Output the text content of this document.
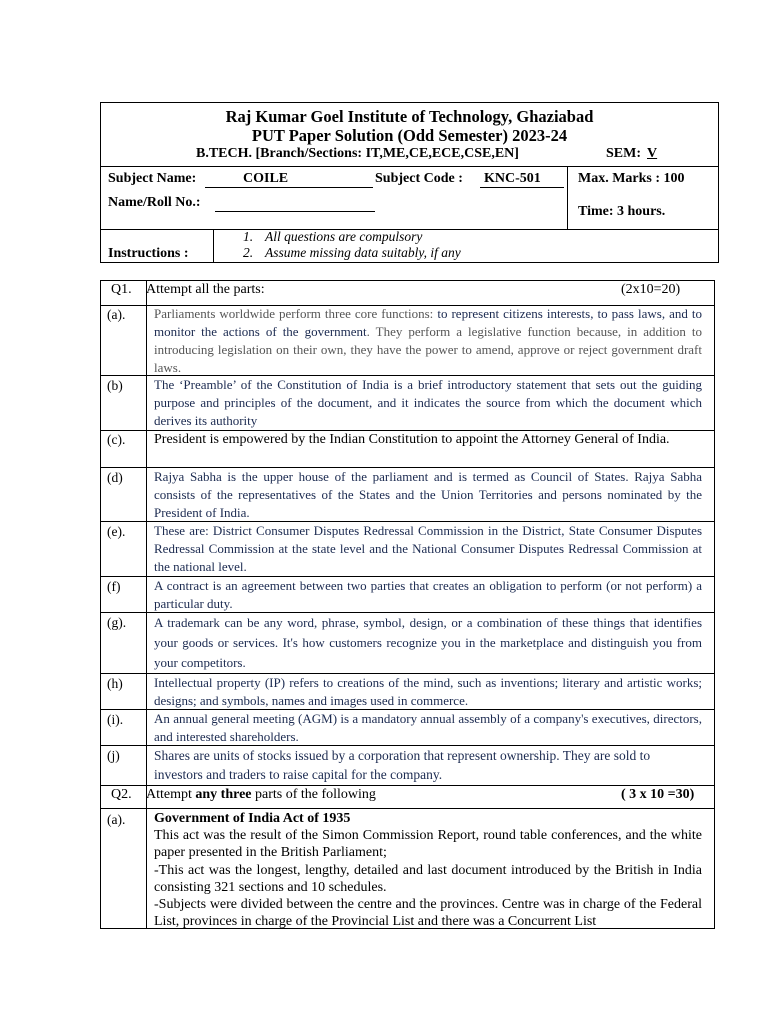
Raj Kumar Goel Institute of Technology, Ghaziabad
PUT Paper Solution (Odd Semester) 2023-24
B.TECH. [Branch/Sections: IT,ME,CE,ECE,CSE,EN]	SEM: V
Subject Name:	COILE	Subject Code : KNC-501	Max. Marks : 100
Name/Roll No.:
Time: 3 hours.
Instructions :
1. All questions are compulsory
2. Assume missing data suitably, if any
Q1. Attempt all the parts:	(2x10=20)
(a). Parliaments worldwide perform three core functions: to represent citizens interests, to pass laws, and to monitor the actions of the government. They perform a legislative function because, in addition to introducing legislation on their own, they have the power to amend, approve or reject government draft laws.
(b) The ‘Preamble’ of the Constitution of India is a brief introductory statement that sets out the guiding purpose and principles of the document, and it indicates the source from which the document which derives its authority
(c). President is empowered by the Indian Constitution to appoint the Attorney General of India.
(d) Rajya Sabha is the upper house of the parliament and is termed as Council of States. Rajya Sabha consists of the representatives of the States and the Union Territories and persons nominated by the President of India.
(e). These are: District Consumer Disputes Redressal Commission in the District, State Consumer Disputes Redressal Commission at the state level and the National Consumer Disputes Redressal Commission at the national level.
(f)	A contract is an agreement between two parties that creates an obligation to perform (or not perform) a particular duty.
(g). A trademark can be any word, phrase, symbol, design, or a combination of these things that identifies your goods or services. It's how customers recognize you in the marketplace and distinguish you from your competitors.
(h) Intellectual property (IP) refers to creations of the mind, such as inventions; literary and artistic works; designs; and symbols, names and images used in commerce.
(i). An annual general meeting (AGM) is a mandatory annual assembly of a company's executives, directors, and interested shareholders.
(j)	Shares are units of stocks issued by a corporation that represent ownership. They are sold to investors and traders to raise capital for the company.
Q2. Attempt any three parts of the following	( 3 x 10 =30)
(a). Government of India Act of 1935
This act was the result of the Simon Commission Report, round table conferences, and the white paper presented in the British Parliament;
-This act was the longest, lengthy, detailed and last document introduced by the British in India consisting 321 sections and 10 schedules.
-Subjects were divided between the centre and the provinces. Centre was in charge of the Federal List, provinces in charge of the Provincial List and there was a Concurrent List
